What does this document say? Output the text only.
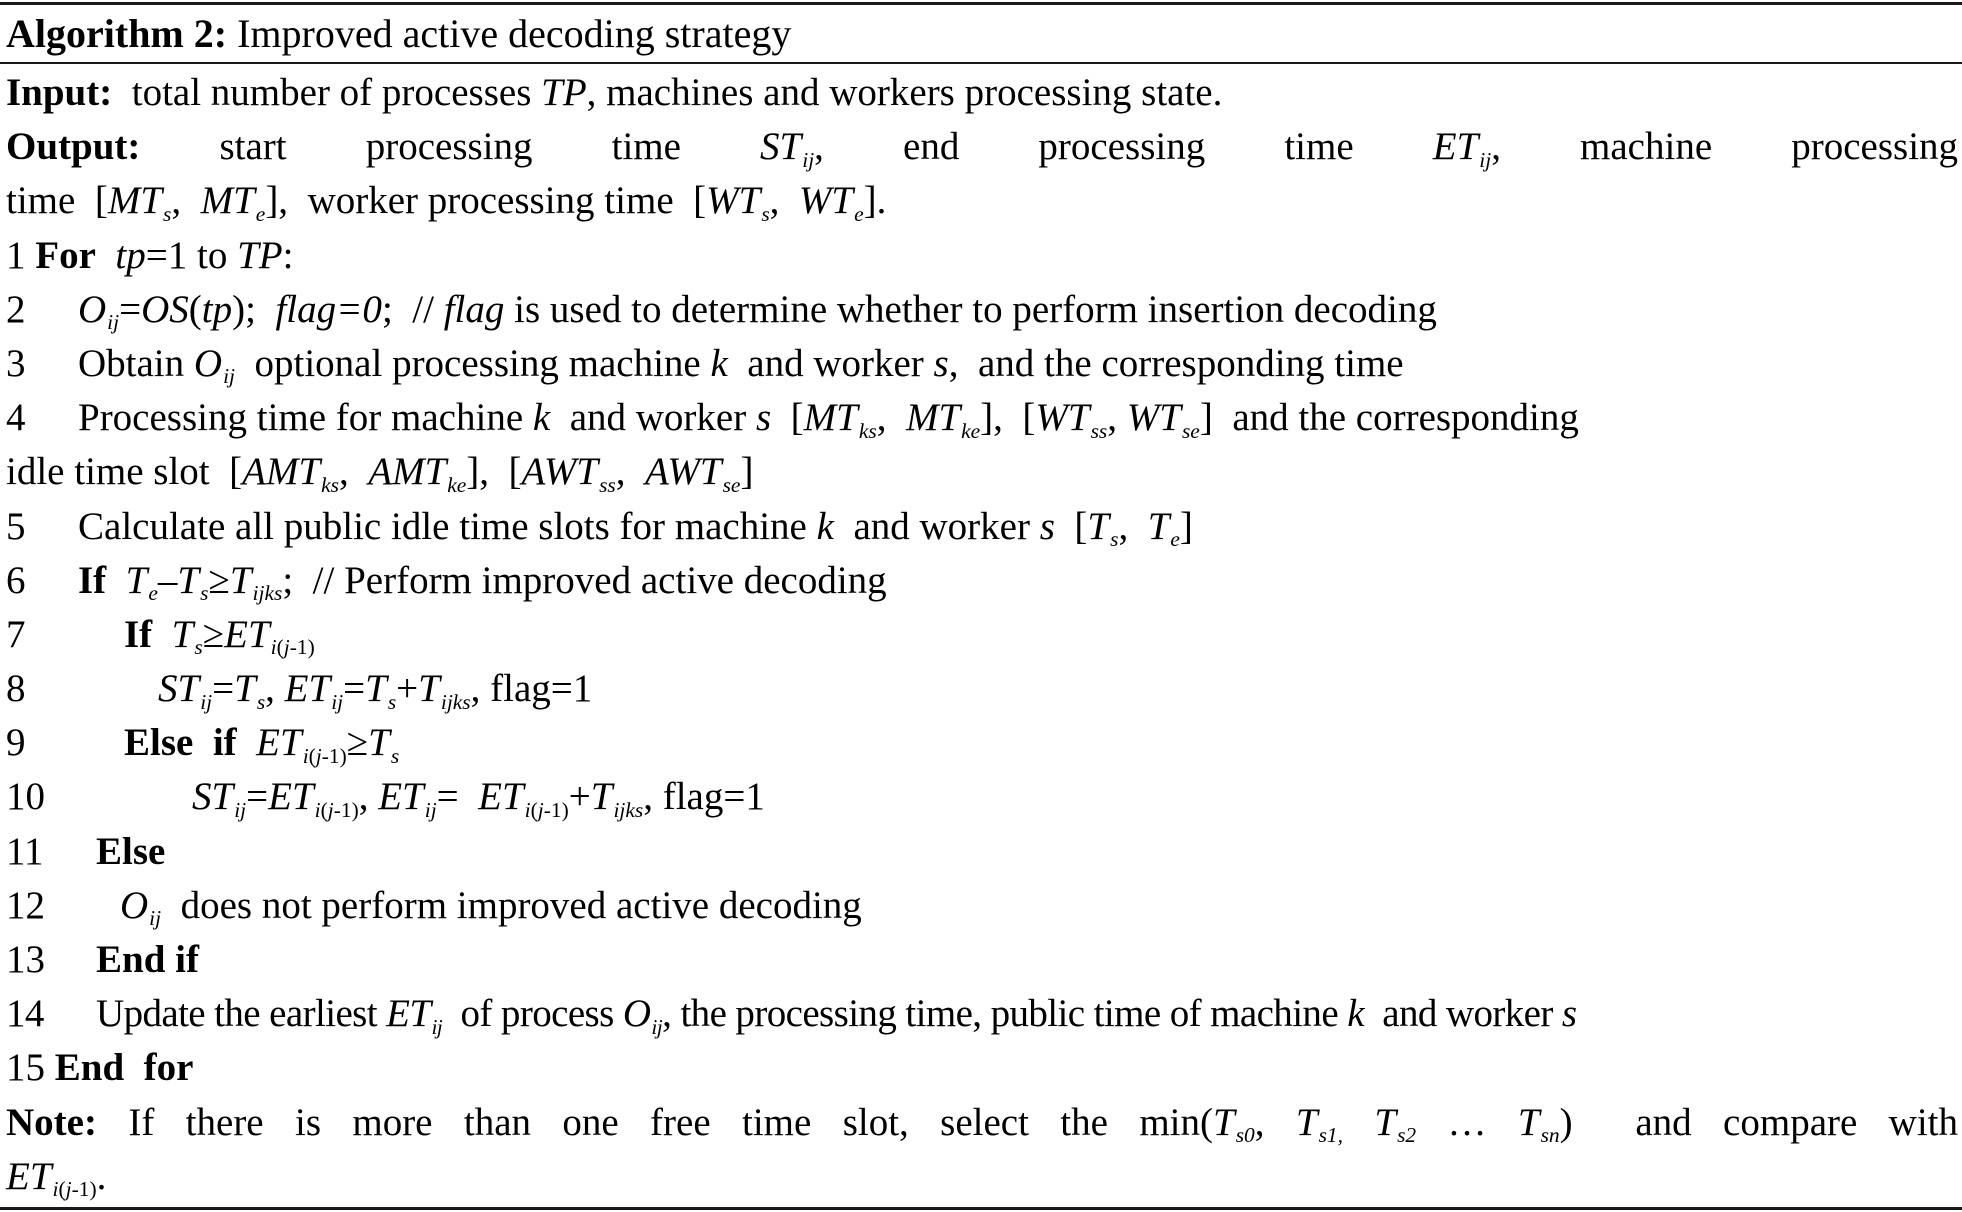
Algorithm 2: Improved active decoding strategy
Input: total number of processes TP, machines and workers processing state.
Output: start processing time $ST_{ij}$, end processing time $ET_{ij}$, machine processing
time  [$MT_s$,  $MT_e$],  worker processing time  [$WT_s$,  $WT_e$].
1 For tp=1 to TP:
2 $O_{ij}=OS(tp)$;  flag=0;  // flag is used to determine whether to perform insertion decoding
3 Obtain $O_{ij}$ optional processing machine k and worker s,  and the corresponding time
4 Processing time for machine k and worker s  [$MT_{ks}$,  $MT_{ke}$],  [$WT_{ss}$, $WT_{se}$]  and the corresponding
idle time slot  [$AMT_{ks}$,  $AMT_{ke}$],  [$AWT_{ss}$,  $AWT_{se}$]
5 Calculate all public idle time slots for machine k and worker s  [$T_s$,  $T_e$]
6 If $T_e-T_s\ge T_{ijks}$;  // Perform improved active decoding
7	If $T_s\ge ET_{i(j-1)}$
8	$ST_{ij}=T_s$, $ET_{ij}=T_s+T_{ijks}$, flag=1
9	Else  if $ET_{i(j-1)}\ge T_s$
10	$ST_{ij}=ET_{i(j-1)}$, $ET_{ij}= ET_{i(j-1)}+T_{ijks}$, flag=1
11 Else
12 $O_{ij}$ does not perform improved active decoding
13 End if
14 Update the earliest $ET_{ij}$ of process $O_{ij}$, the processing time, public time of machine k and worker s
15 End  for
Note: If there is more than one free time slot, select the $\min(T_{s0}$, $T_{s1,}$ $T_{s2}$ … $T_{sn}$)  and compare with
$ET_{i(j-1)}$.
